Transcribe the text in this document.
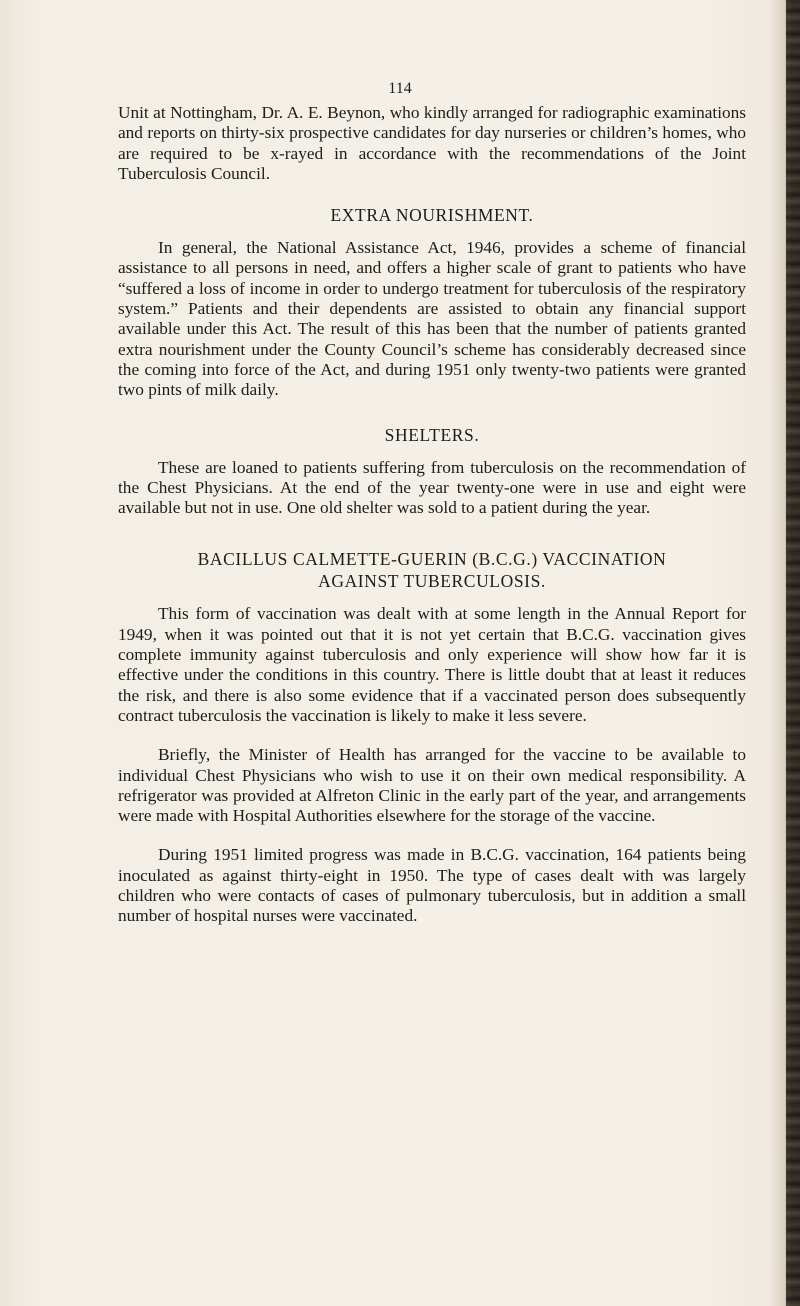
114

Unit at Nottingham, Dr. A. E. Beynon, who kindly arranged for radiographic examinations and reports on thirty-six prospective candidates for day nurseries or children’s homes, who are required to be x-rayed in accordance with the recommendations of the Joint Tuberculosis Council.

EXTRA NOURISHMENT.

In general, the National Assistance Act, 1946, provides a scheme of financial assistance to all persons in need, and offers a higher scale of grant to patients who have “suffered a loss of income in order to undergo treatment for tuberculosis of the respiratory system.” Patients and their dependents are assisted to obtain any financial support available under this Act. The result of this has been that the number of patients granted extra nourishment under the County Council’s scheme has considerably decreased since the coming into force of the Act, and during 1951 only twenty-two patients were granted two pints of milk daily.

SHELTERS.

These are loaned to patients suffering from tuberculosis on the recommendation of the Chest Physicians. At the end of the year twenty-one were in use and eight were available but not in use. One old shelter was sold to a patient during the year.

BACILLUS CALMETTE-GUERIN (B.C.G.) VACCINATION
AGAINST TUBERCULOSIS.

This form of vaccination was dealt with at some length in the Annual Report for 1949, when it was pointed out that it is not yet certain that B.C.G. vaccination gives complete immunity against tuberculosis and only experience will show how far it is effective under the conditions in this country. There is little doubt that at least it reduces the risk, and there is also some evidence that if a vaccinated person does subsequently contract tuberculosis the vaccination is likely to make it less severe.

Briefly, the Minister of Health has arranged for the vaccine to be available to individual Chest Physicians who wish to use it on their own medical responsibility. A refrigerator was provided at Alfreton Clinic in the early part of the year, and arrangements were made with Hospital Authorities elsewhere for the storage of the vaccine.

During 1951 limited progress was made in B.C.G. vaccination, 164 patients being inoculated as against thirty-eight in 1950. The type of cases dealt with was largely children who were contacts of cases of pulmonary tuberculosis, but in addition a small number of hospital nurses were vaccinated.
